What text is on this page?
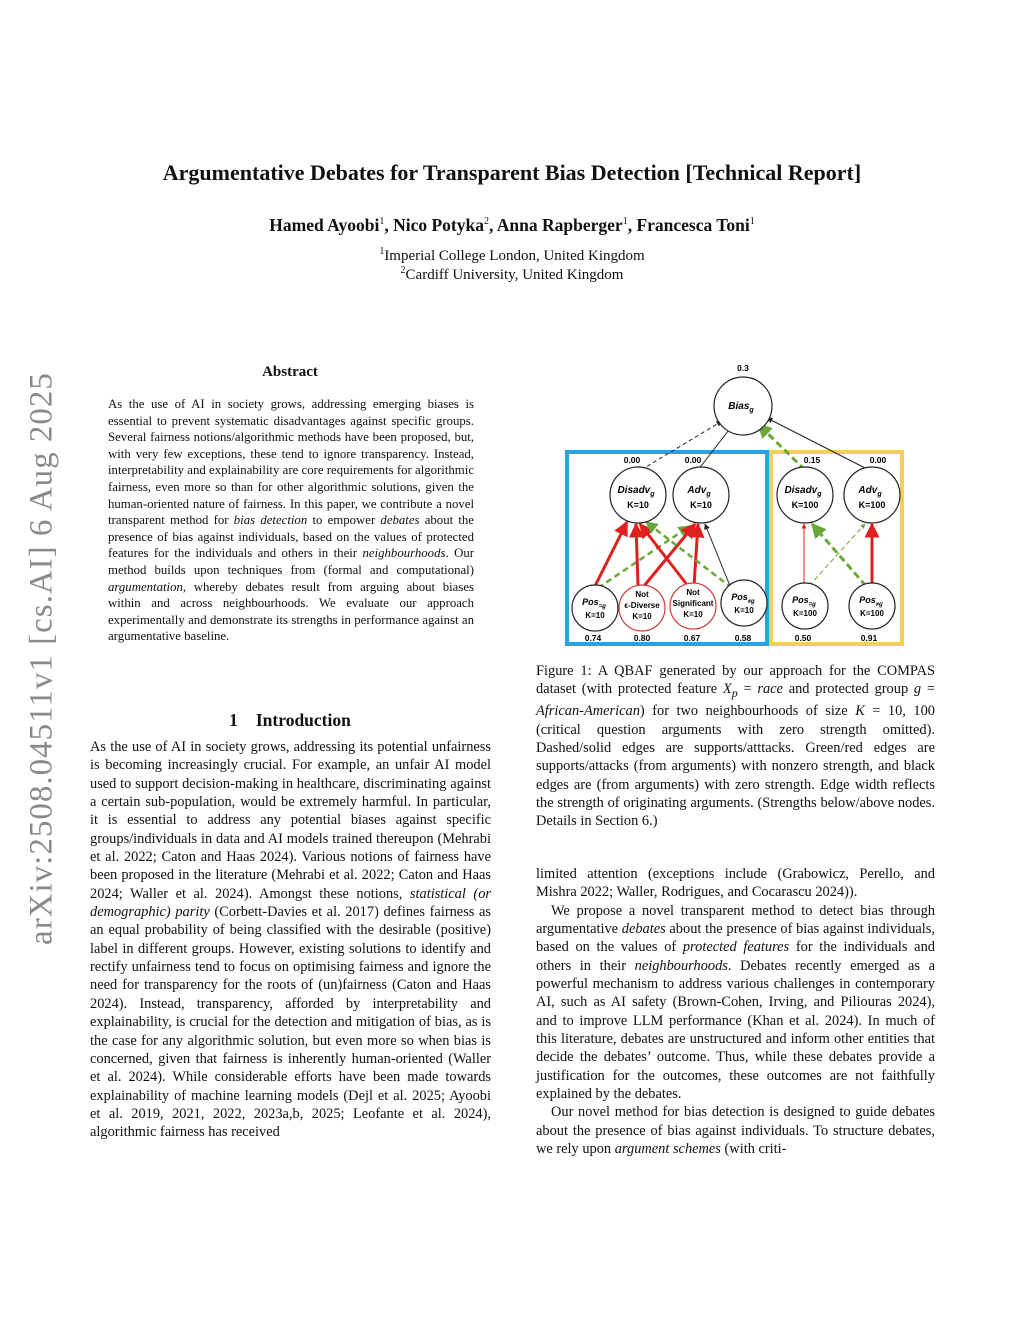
arXiv:2508.04511v1 [cs.AI] 6 Aug 2025
Argumentative Debates for Transparent Bias Detection [Technical Report]
Hamed Ayoobi$^1$, Nico Potyka$^2$, Anna Rapberger$^1$, Francesca Toni$^1$
$^1$Imperial College London, United Kingdom
$^2$Cardiff University, United Kingdom
Abstract
As the use of AI in society grows, addressing emerging biases is essential to prevent systematic disadvantages against specific groups. Several fairness notions/algorithmic methods have been proposed, but, with very few exceptions, these tend to ignore transparency. Instead, interpretability and explainability are core requirements for algorithmic fairness, even more so than for other algorithmic solutions, given the human-oriented nature of fairness. In this paper, we contribute a novel transparent method for bias detection to empower debates about the presence of bias against individuals, based on the values of protected features for the individuals and others in their neighbourhoods. Our method builds upon techniques from (formal and computational) argumentation, whereby debates result from arguing about biases within and across neighbourhoods. We evaluate our approach experimentally and demonstrate its strengths in performance against an argumentative baseline.
1 Introduction
As the use of AI in society grows, addressing its potential unfairness is becoming increasingly crucial. For example, an unfair AI model used to support decision-making in healthcare, discriminating against a certain sub-population, would be extremely harmful. In particular, it is essential to address any potential biases against specific groups/individuals in data and AI models trained thereupon (Mehrabi et al. 2022; Caton and Haas 2024). Various notions of fairness have been proposed in the literature (Mehrabi et al. 2022; Caton and Haas 2024; Waller et al. 2024). Amongst these notions, statistical (or demographic) parity (Corbett-Davies et al. 2017) defines fairness as an equal probability of being classified with the desirable (positive) label in different groups. However, existing solutions to identify and rectify unfairness tend to focus on optimising fairness and ignore the need for transparency for the roots of (un)fairness (Caton and Haas 2024). Instead, transparency, afforded by interpretability and explainability, is crucial for the detection and mitigation of bias, as is the case for any algorithmic solution, but even more so when bias is concerned, given that fairness is inherently human-oriented (Waller et al. 2024). While considerable efforts have been made towards explainability of machine learning models (Dejl et al. 2025; Ayoobi et al. 2019, 2021, 2022, 2023a,b, 2025; Leofante et al. 2024), algorithmic fairness has received
0.3
Bias$_g$
0.00
Disadv$_g$
K=10
0.00
Adv$_g$
K=10
Pos$_{=g}$
K=10
0.74
Not
ϵ-Diverse
K=10
0.80
Not
Significant
K=10
0.67
Pos$_{\ne g}$
K=10
0.58
0.15
Disadv$_g$
K=100
0.00
Adv$_g$
K=100
Pos$_{=g}$
K=100
0.50
Pos$_{\ne g}$
K=100
0.91
Figure 1: A QBAF generated by our approach for the COMPAS dataset (with protected feature $X_p$ = race and protected group g = African-American) for two neighbourhoods of size K = 10, 100 (critical question arguments with zero strength omitted). Dashed/solid edges are supports/atttacks. Green/red edges are supports/attacks (from arguments) with nonzero strength, and black edges are (from arguments) with zero strength. Edge width reflects the strength of originating arguments. (Strengths below/above nodes. Details in Section 6.)

limited attention (exceptions include (Grabowicz, Perello, and Mishra 2022; Waller, Rodrigues, and Cocarascu 2024)).

We propose a novel transparent method to detect bias through argumentative debates about the presence of bias against individuals, based on the values of protected features for the individuals and others in their neighbourhoods. Debates recently emerged as a powerful mechanism to address various challenges in contemporary AI, such as AI safety (Brown-Cohen, Irving, and Piliouras 2024), and to improve LLM performance (Khan et al. 2024). In much of this literature, debates are unstructured and inform other entities that decide the debates’ outcome. Thus, while these debates provide a justification for the outcomes, these outcomes are not faithfully explained by the debates.

Our novel method for bias detection is designed to guide debates about the presence of bias against individuals. To structure debates, we rely upon argument schemes (with criti-
